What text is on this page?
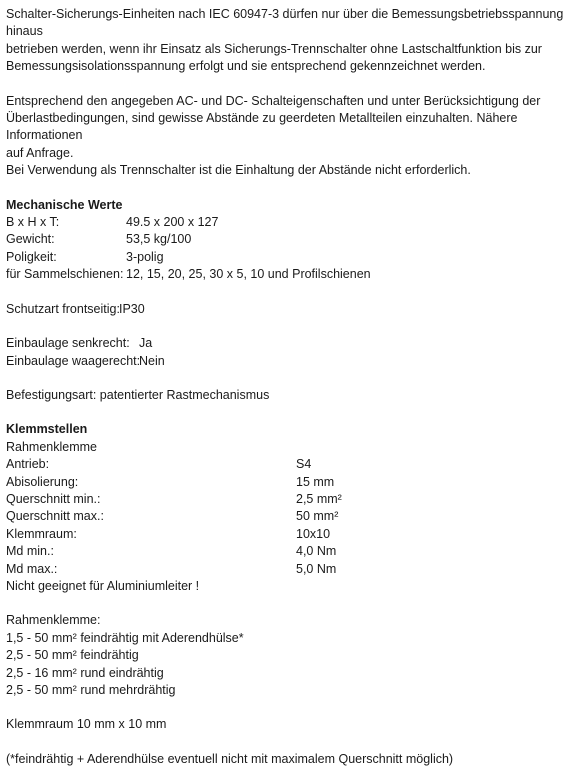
Schalter-Sicherungs-Einheiten nach IEC 60947-3 dürfen nur über die Bemessungsbetriebsspannung hinaus

betrieben werden, wenn ihr Einsatz als Sicherungs-Trennschalter ohne Lastschaltfunktion bis zur

Bemessungsisolationsspannung erfolgt und sie entsprechend gekennzeichnet werden.

Entsprechend den angegeben AC- und DC- Schalteigenschaften und unter Berücksichtigung der

Überlastbedingungen, sind gewisse Abstände zu geerdeten Metallteilen einzuhalten. Nähere Informationen

auf Anfrage.

Bei Verwendung als Trennschalter ist die Einhaltung der Abstände nicht erforderlich.

Mechanische Werte

B x H x T:	49.5 x 200 x 127
Gewicht:	53,5 kg/100
Poligkeit:	3-polig
für Sammelschienen: 12, 15, 20, 25, 30 x 5, 10 und Profilschienen
Schutzart frontseitig: IP30
Einbaulage senkrecht: Ja
Einbaulage waagerecht:
Nein

Befestigungsart: patentierter Rastmechanismus

Klemmstellen

Rahmenklemme

Antrieb:	S4
Abisolierung:	15 mm
Querschnitt min.:	2,5 mm²
Querschnitt max.:	50 mm²
Klemmraum:	10x10
Md min.:	4,0 Nm
Md max.:	5,0 Nm

Nicht geeignet für Aluminiumleiter !

Rahmenklemme:

1,5 - 50 mm² feindrähtig mit Aderendhülse*

2,5 - 50 mm² feindrähtig

2,5 - 16 mm² rund eindrähtig

2,5 - 50 mm² rund mehrdrähtig

Klemmraum 10 mm x 10 mm

(*feindrähtig + Aderendhülse eventuell nicht mit maximalem Querschnitt möglich)
